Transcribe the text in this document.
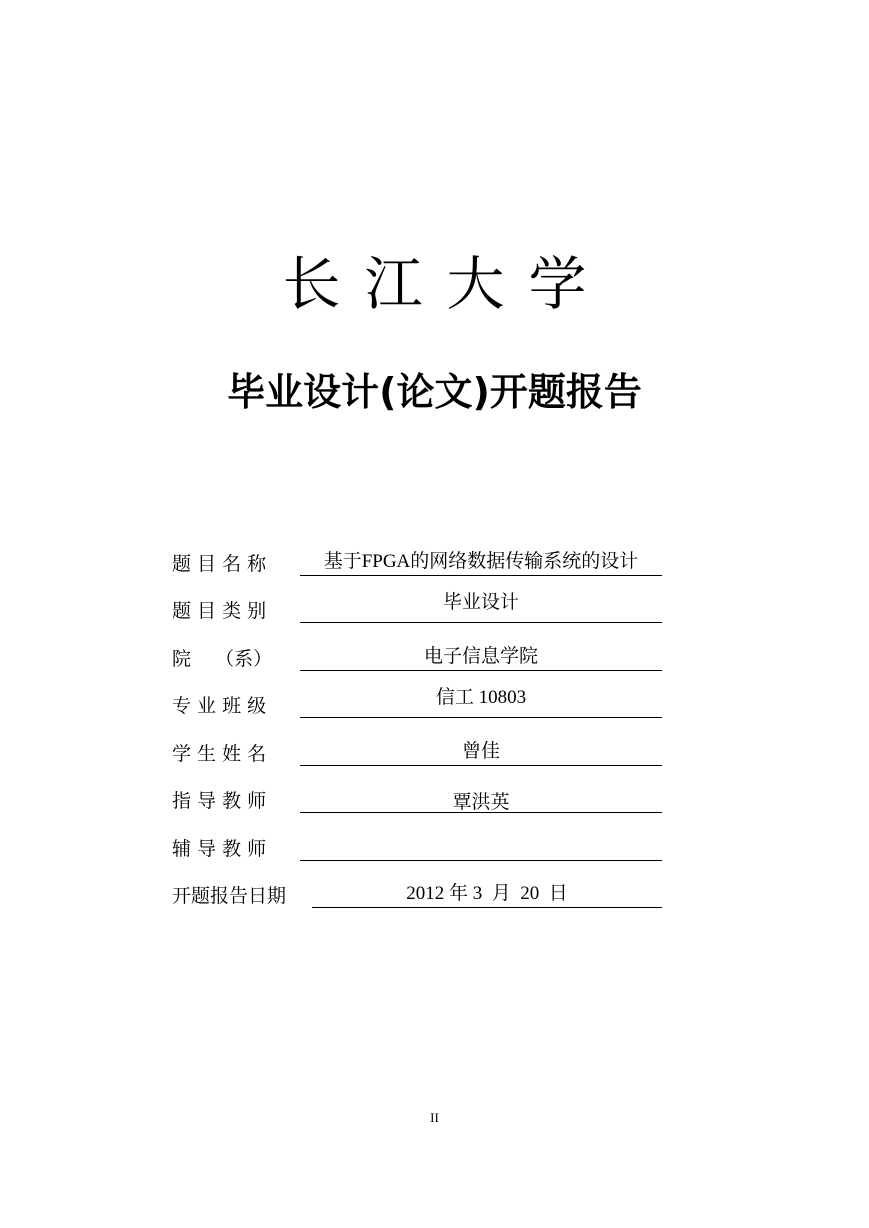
长江大学
毕业设计(论文)开题报告
题 目 名 称	基于FPGA的网络数据传输系统的设计
题 目 类 别	毕业设计
院    （系）	电子信息学院
专 业 班 级	信工 10803
学 生 姓 名	曾佳
指 导 教 师	覃洪英
辅 导 教 师
开题报告日期	2012 年 3  月  20  日
II
